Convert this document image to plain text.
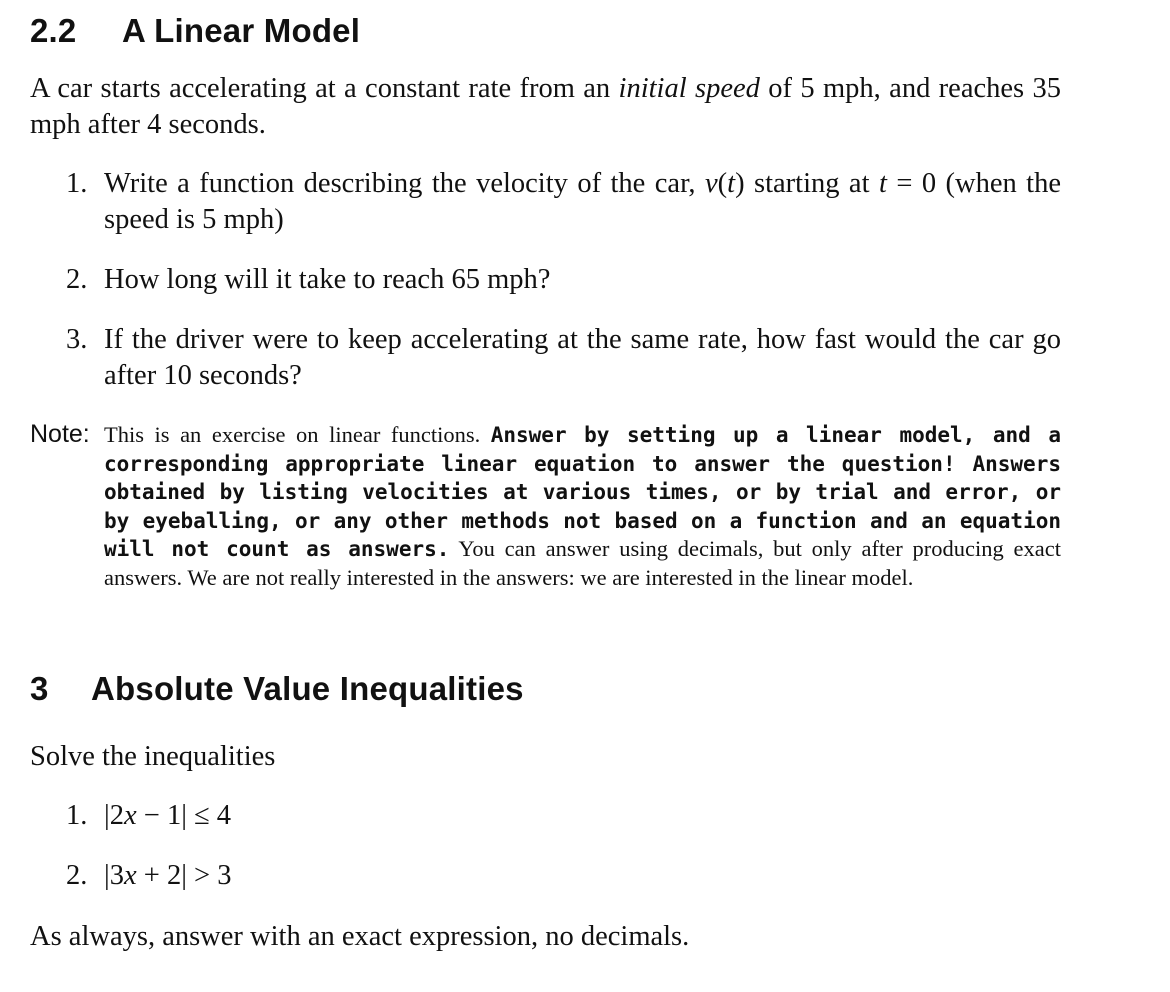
2.2 A Linear Model
A car starts accelerating at a constant rate from an initial speed of 5 mph, and reaches 35 mph after 4 seconds.
1. Write a function describing the velocity of the car, v(t) starting at t = 0 (when the speed is 5 mph)
2. How long will it take to reach 65 mph?
3. If the driver were to keep accelerating at the same rate, how fast would the car go after 10 seconds?
Note: This is an exercise on linear functions. Answer by setting up a linear model, and a corresponding appropriate linear equation to answer the question! Answers obtained by listing velocities at various times, or by trial and error, or by eyeballing, or any other methods not based on a function and an equation will not count as answers. You can answer using decimals, but only after producing exact answers. We are not really interested in the answers: we are interested in the linear model.
3 Absolute Value Inequalities
Solve the inequalities
1. |2x − 1| ≤ 4
2. |3x + 2| > 3
As always, answer with an exact expression, no decimals.
